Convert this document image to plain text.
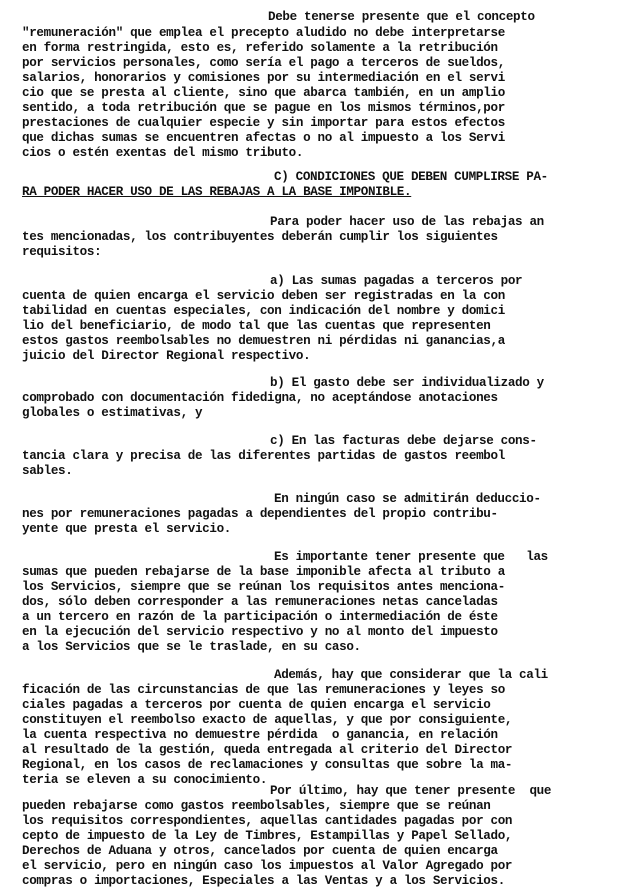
Debe tenerse presente que el concepto
"remuneración" que emplea el precepto aludido no debe interpretarse
en forma restringida, esto es, referido solamente a la retribución
por servicios personales, como sería el pago a terceros de sueldos,
salarios, honorarios y comisiones por su intermediación en el servi
cio que se presta al cliente, sino que abarca también, en un amplio
sentido, a toda retribución que se pague en los mismos términos,por
prestaciones de cualquier especie y sin importar para estos efectos
que dichas sumas se encuentren afectas o no al impuesto a los Servi
cios o estén exentas del mismo tributo.
C) CONDICIONES QUE DEBEN CUMPLIRSE PA-
RA PODER HACER USO DE LAS REBAJAS A LA BASE IMPONIBLE.
Para poder hacer uso de las rebajas an
tes mencionadas, los contribuyentes deberán cumplir los siguientes
requisitos:
a) Las sumas pagadas a terceros por
cuenta de quien encarga el servicio deben ser registradas en la con
tabilidad en cuentas especiales, con indicación del nombre y domici
lio del beneficiario, de modo tal que las cuentas que representen
estos gastos reembolsables no demuestren ni pérdidas ni ganancias,a
juicio del Director Regional respectivo.
b) El gasto debe ser individualizado y
comprobado con documentación fidedigna, no aceptándose anotaciones
globales o estimativas, y
c) En las facturas debe dejarse cons-
tancia clara y precisa de las diferentes partidas de gastos reembol
sables.
En ningún caso se admitirán deduccio-
nes por remuneraciones pagadas a dependientes del propio contribu-
yente que presta el servicio.
Es importante tener presente que   las
sumas que pueden rebajarse de la base imponible afecta al tributo a
los Servicios, siempre que se reúnan los requisitos antes menciona-
dos, sólo deben corresponder a las remuneraciones netas canceladas
a un tercero en razón de la participación o intermediación de éste
en la ejecución del servicio respectivo y no al monto del impuesto
a los Servicios que se le traslade, en su caso.
Además, hay que considerar que la cali
ficación de las circunstancias de que las remuneraciones y leyes so
ciales pagadas a terceros por cuenta de quien encarga el servicio
constituyen el reembolso exacto de aquellas, y que por consiguiente,
la cuenta respectiva no demuestre pérdida  o ganancia, en relación
al resultado de la gestión, queda entregada al criterio del Director
Regional, en los casos de reclamaciones y consultas que sobre la ma-
teria se eleven a su conocimiento.
Por último, hay que tener presente  que
pueden rebajarse como gastos reembolsables, siempre que se reúnan
los requisitos correspondientes, aquellas cantidades pagadas por con
cepto de impuesto de la Ley de Timbres, Estampillas y Papel Sellado,
Derechos de Aduana y otros, cancelados por cuenta de quien encarga
el servicio, pero en ningún caso los impuestos al Valor Agregado por
compras o importaciones, Especiales a las Ventas y a los Servicios.
